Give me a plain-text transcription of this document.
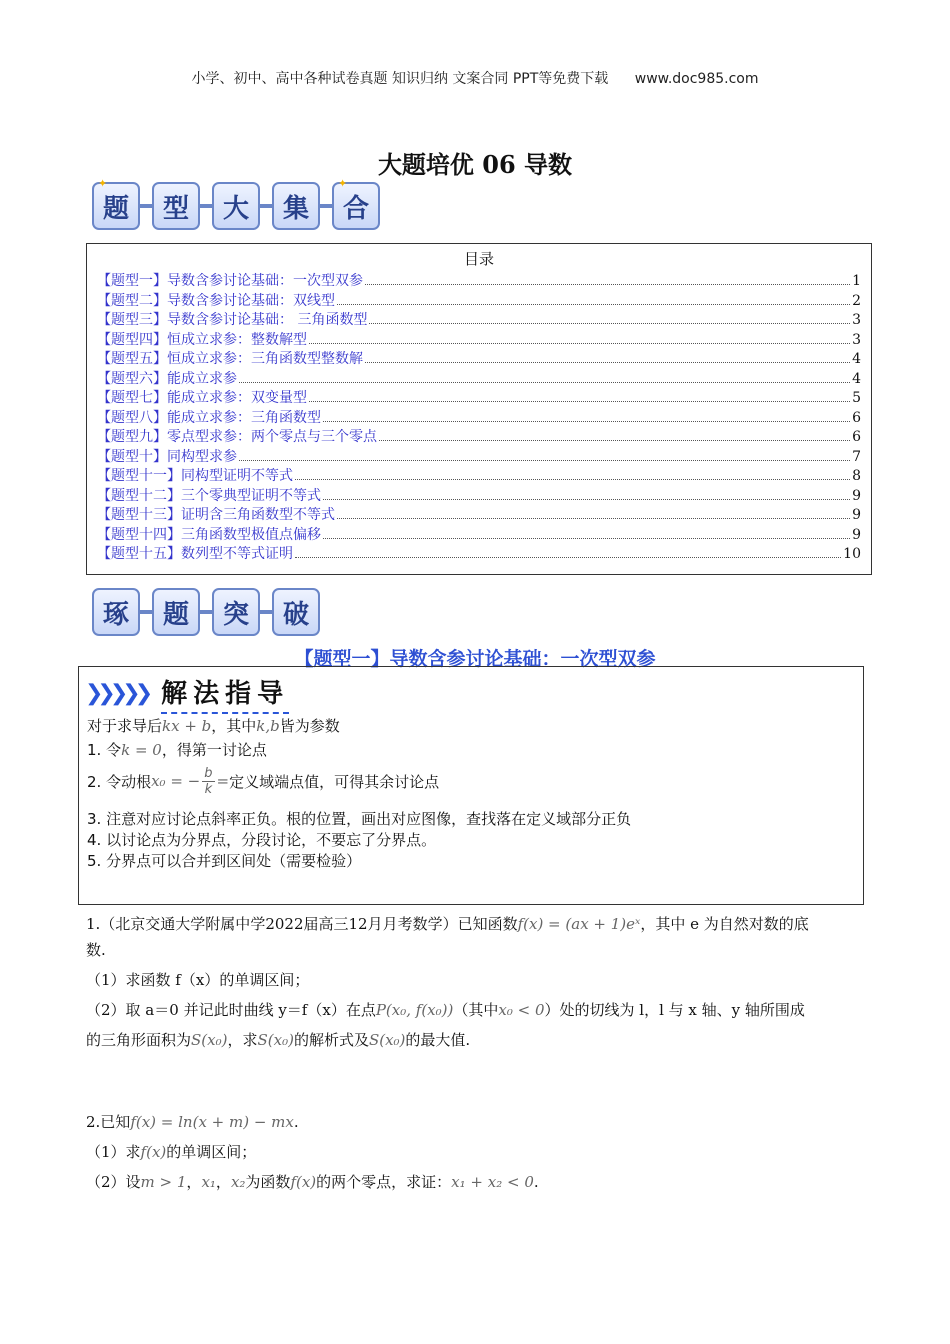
小学、初中、高中各种试卷真题 知识归纳 文案合同 PPT等免费下载 www.doc985.com
大题培优 06 导数
✦
题 型 大 集
✦
合
目录
【题型一】导数含参讨论基础：一次型双参	1
【题型二】导数含参讨论基础：双线型	2
【题型三】导数含参讨论基础： 三角函数型	3
【题型四】恒成立求参：整数解型	3
【题型五】恒成立求参：三角函数型整数解	4
【题型六】能成立求参	4
【题型七】能成立求参：双变量型	5
【题型八】能成立求参：三角函数型	6
【题型九】零点型求参：两个零点与三个零点	6
【题型十】同构型求参	7
【题型十一】同构型证明不等式	8
【题型十二】三个零典型证明不等式	9
【题型十三】证明含三角函数型不等式	9
【题型十四】三角函数型极值点偏移	9
【题型十五】数列型不等式证明	10
琢 题 突 破
【题型一】导数含参讨论基础：一次型双参
❯❯❯❯❯ 解法指导
对于求导后kx + b，其中k,b皆为参数
1. 令k = 0，得第一讨论点
2. 令动根 x₀ = − $\frac{b}{k}$ = 定义域端点值，可得其余讨论点
3. 注意对应讨论点斜率正负。根的位置，画出对应图像，查找落在定义域部分正负
4. 以讨论点为分界点，分段讨论，不要忘了分界点。
5. 分界点可以合并到区间处（需要检验）
1.（北京交通大学附属中学2022届高三12月月考数学）已知函数f(x) = (ax + 1)eˣ，其中 e 为自然对数的底
数.
（1）求函数 f（x）的单调区间；
（2）取 a＝0 并记此时曲线 y＝f（x）在点P(x₀, f(x₀))（其中x₀ < 0）处的切线为 l，l 与 x 轴、y 轴所围成
的三角形面积为S(x₀)，求S(x₀)的解析式及S(x₀)的最大值.
2.已知f(x) = ln(x + m) − mx.
（1）求f(x)的单调区间；
（2）设m > 1，x₁，x₂为函数f(x)的两个零点，求证：x₁ + x₂ < 0.
